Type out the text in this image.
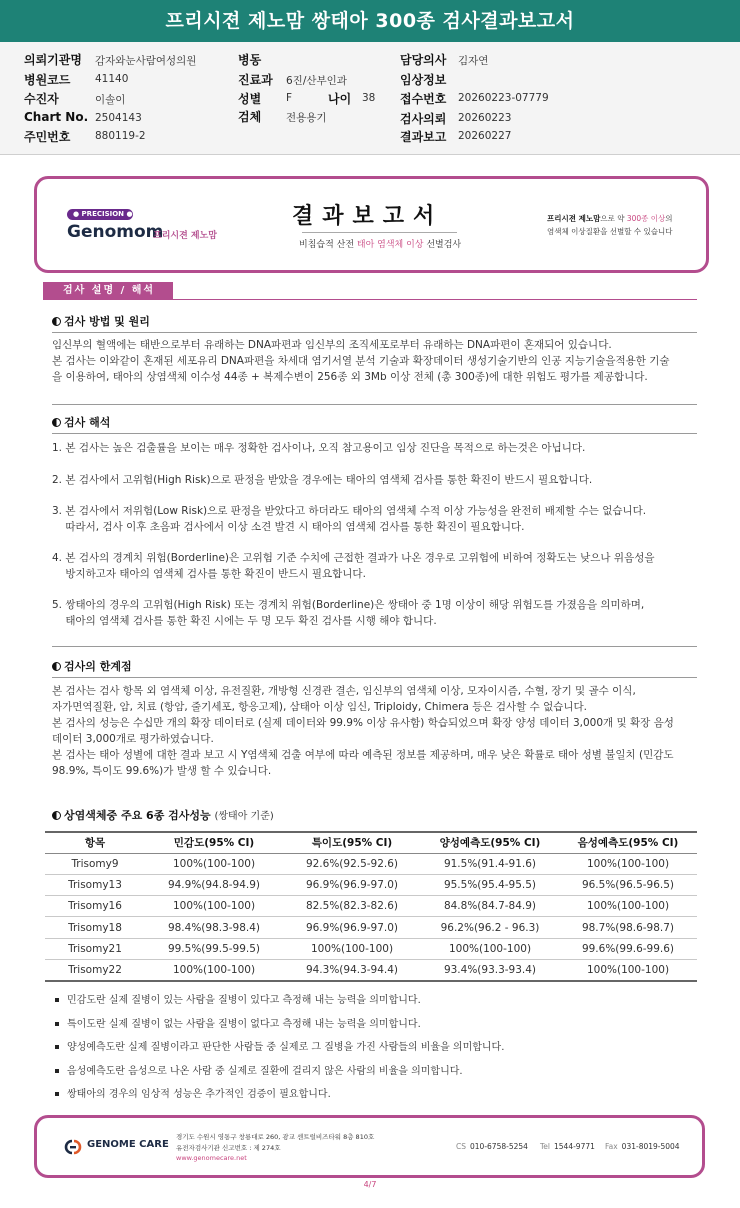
프리시젼 제노맘 쌍태아 300종 검사결과보고서
의뢰기관명 감자와눈사람여성의원
병원코드 41140
수진자	이솔이
Chart No. 2504143
주민번호 880119-2
병동
진료과 6진/산부인과
성별 F	나이 38
검체 전용용기
담당의사 김자연
임상정보
접수번호 20260223-07779
검사의뢰 20260223
결과보고 20260227
● PRECISION ●
Genomom
프리시젼 제노맘
결과보고서
비침습적 산전 태아 염색체 이상 선별검사
프리시젼 제노맘으로 약 300종 이상의
염색체 이상질환을 선별할 수 있습니다
검사 설명 / 해석
검사 방법 및 원리
임신부의 혈액에는 태반으로부터 유래하는 DNA파편과 임신부의 조직세포로부터 유래하는 DNA파편이 혼재되어 있습니다.
본 검사는 이와같이 혼재된 세포유리 DNA파편을 차세대 염기서열 분석 기술과 확장데이터 생성기술기반의 인공 지능기술을적용한 기술
을 이용하여, 태아의 상염색체 이수성 44종 + 복제수변이 256종 외 3Mb 이상 전체 (총 300종)에 대한 위험도 평가를 제공합니다.
검사 해석
1. 본 검사는 높은 검출률을 보이는 매우 정확한 검사이나, 오직 참고용이고 임상 진단을 목적으로 하는것은 아닙니다.
2. 본 검사에서 고위험(High Risk)으로 판정을 받았을 경우에는 태아의 염색체 검사를 통한 확진이 반드시 필요합니다.
3. 본 검사에서 저위험(Low Risk)으로 판정을 받았다고 하더라도 태아의 염색체 수적 이상 가능성을 완전히 배제할 수는 없습니다.
따라서, 검사 이후 초음파 검사에서 이상 소견 발견 시 태아의 염색체 검사를 통한 확진이 필요합니다.
4. 본 검사의 경계치 위험(Borderline)은 고위험 기준 수치에 근접한 결과가 나온 경우로 고위험에 비하여 정확도는 낮으나 위음성을
방지하고자 태아의 염색체 검사를 통한 확진이 반드시 필요합니다.
5. 쌍태아의 경우의 고위험(High Risk) 또는 경계치 위험(Borderline)은 쌍태아 중 1명 이상이 해당 위험도를 가졌음을 의미하며,
태아의 염색체 검사를 통한 확진 시에는 두 명 모두 확진 검사를 시행 해야 합니다.
검사의 한계점
본 검사는 검사 항목 외 염색체 이상, 유전질환, 개방형 신경관 결손, 임신부의 염색체 이상, 모자이시즘, 수혈, 장기 및 골수 이식,
자가면역질환, 암, 치료 (항암, 줄기세포, 항응고제), 삼태아 이상 임신, Triploidy, Chimera 등은 검사할 수 없습니다.
본 검사의 성능은 수십만 개의 확장 데이터로 (실제 데이터와 99.9% 이상 유사함) 학습되었으며 확장 양성 데이터 3,000개 및 확장 음성
데이터 3,000개로 평가하였습니다.
본 검사는 태아 성별에 대한 결과 보고 시 Y염색체 검출 여부에 따라 예측된 정보를 제공하며, 매우 낮은 확률로 태아 성별 불일치 (민감도
98.9%, 특이도 99.6%)가 발생 할 수 있습니다.
상염색체중 주요 6종 검사성능 (쌍태아 기준)
항목	민감도(95% CI)	특이도(95% CI)	양성예측도(95% CI)	음성예측도(95% CI)
Trisomy9	100%(100-100)	92.6%(92.5-92.6)	91.5%(91.4-91.6)	100%(100-100)
Trisomy13	94.9%(94.8-94.9)	96.9%(96.9-97.0)	95.5%(95.4-95.5)	96.5%(96.5-96.5)
Trisomy16	100%(100-100)	82.5%(82.3-82.6)	84.8%(84.7-84.9)	100%(100-100)
Trisomy18	98.4%(98.3-98.4)	96.9%(96.9-97.0)	96.2%(96.2 - 96.3)	98.7%(98.6-98.7)
Trisomy21	99.5%(99.5-99.5)	100%(100-100)	100%(100-100)	99.6%(99.6-99.6)
Trisomy22	100%(100-100)	94.3%(94.3-94.4)	93.4%(93.3-93.4)	100%(100-100)
민감도란 실제 질병이 있는 사람을 질병이 있다고 측정해 내는 능력을 의미합니다.
특이도란 실제 질병이 없는 사람을 질병이 없다고 측정해 내는 능력을 의미합니다.
양성예측도란 실제 질병이라고 판단한 사람들 중 실제로 그 질병을 가진 사람들의 비율을 의미합니다.
음성예측도란 음성으로 나온 사람 중 실제로 질환에 걸리지 않은 사람의 비율을 의미합니다.
쌍태아의 경우의 임상적 성능은 추가적인 검증이 필요합니다.
GENOME CARE
경기도 수원시 영통구 창룡대로 260, 광교 센트럴비즈타워 8층 810호
유전자검사기관 신고번호 : 제 274호
www.genomecare.net
CS 010-6758-5254 Tel 1544-9771 Fax 031-8019-5004
4/7
